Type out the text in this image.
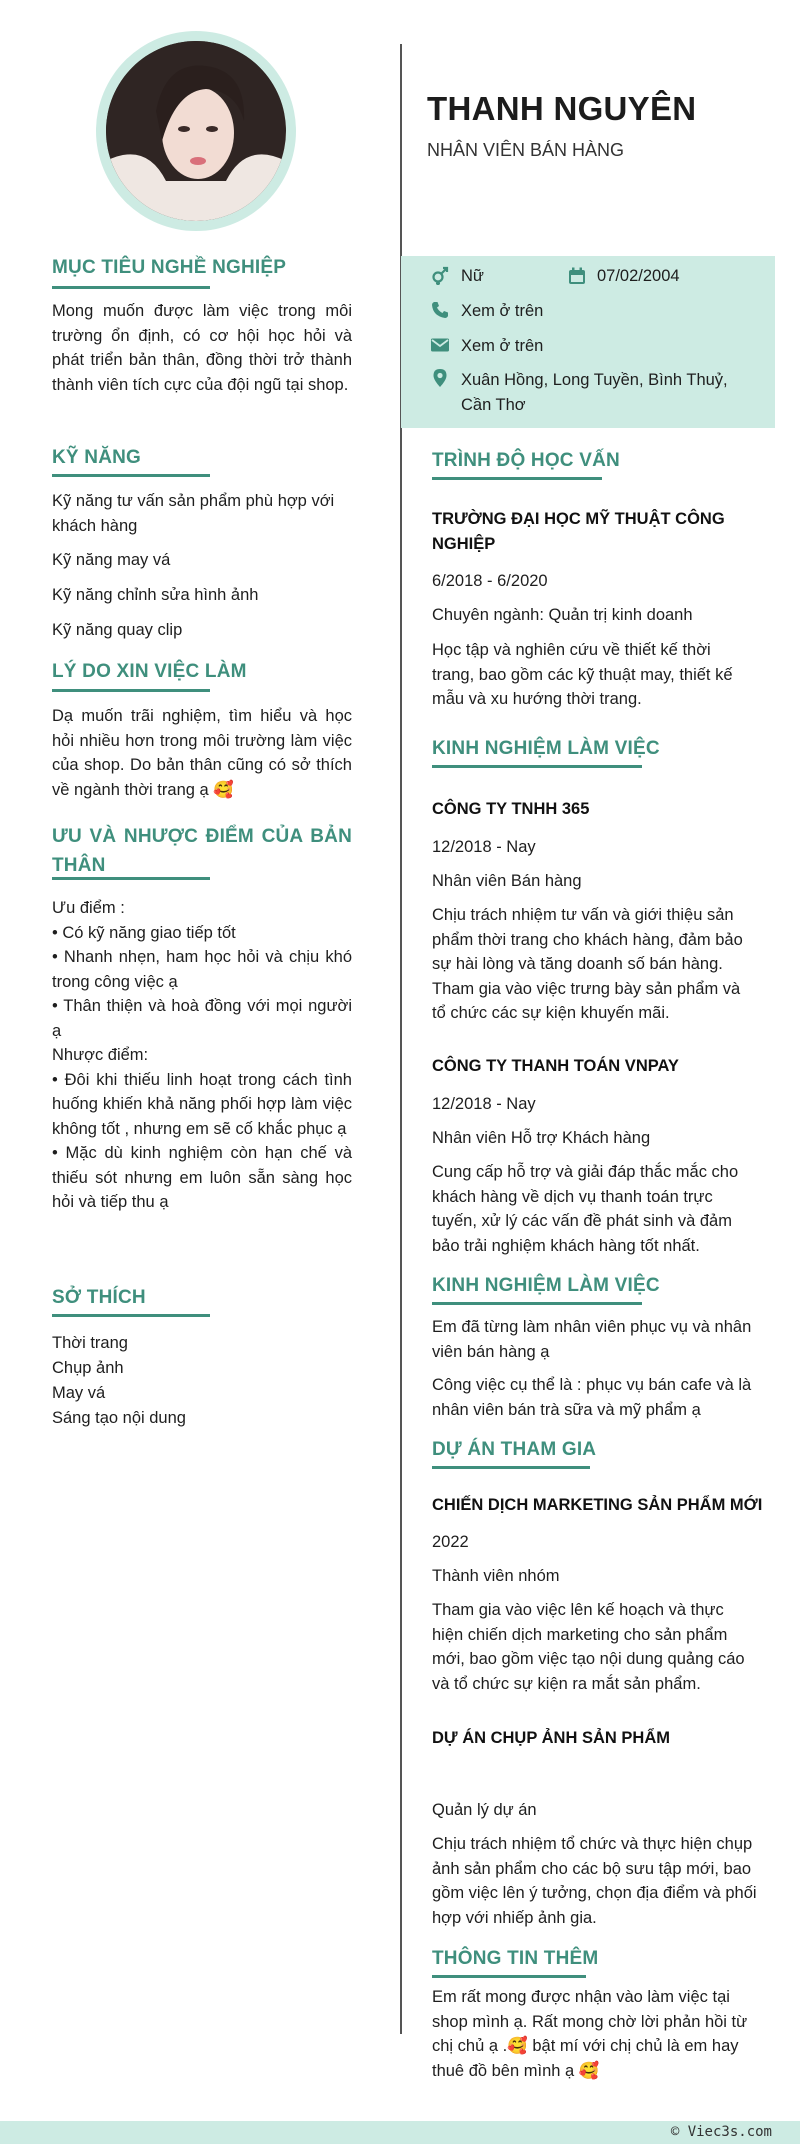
THANH NGUYÊN
NHÂN VIÊN BÁN HÀNG
Nữ	07/02/2004
Xem ở trên
Xem ở trên
Xuân Hồng, Long Tuyền, Bình Thuỷ, Cần Thơ
MỤC TIÊU NGHỀ NGHIỆP
Mong muốn được làm việc trong môi trường ổn định, có cơ hội học hỏi và phát triển bản thân, đồng thời trở thành thành viên tích cực của đội ngũ tại shop.
KỸ NĂNG
Kỹ năng tư vấn sản phẩm phù hợp với khách hàng
Kỹ năng may vá
Kỹ năng chỉnh sửa hình ảnh
Kỹ năng quay clip
LÝ DO XIN VIỆC LÀM
Dạ muốn trãi nghiệm, tìm hiểu và học hỏi nhiều hơn trong môi trường làm việc của shop. Do bản thân cũng có sở thích về ngành thời trang ạ 🥰
ƯU VÀ NHƯỢC ĐIỂM CỦA BẢN THÂN
Ưu điểm :
• Có kỹ năng giao tiếp tốt
• Nhanh nhẹn, ham học hỏi và chịu khó trong công việc ạ
• Thân thiện và hoà đồng với mọi người ạ
Nhược điểm:
• Đôi khi thiếu linh hoạt trong cách tình huống khiến khả năng phối hợp làm việc không tốt , nhưng em sẽ cố khắc phục ạ
• Mặc dù kinh nghiệm còn hạn chế và thiếu sót nhưng em luôn sẵn sàng học hỏi và tiếp thu ạ
SỞ THÍCH
Thời trang
Chụp ảnh
May vá
Sáng tạo nội dung
TRÌNH ĐỘ HỌC VẤN
TRƯỜNG ĐẠI HỌC MỸ THUẬT CÔNG NGHIỆP
6/2018 - 6/2020
Chuyên ngành: Quản trị kinh doanh
Học tập và nghiên cứu về thiết kế thời trang, bao gồm các kỹ thuật may, thiết kế mẫu và xu hướng thời trang.
KINH NGHIỆM LÀM VIỆC
CÔNG TY TNHH 365
12/2018 - Nay
Nhân viên Bán hàng
Chịu trách nhiệm tư vấn và giới thiệu sản phẩm thời trang cho khách hàng, đảm bảo sự hài lòng và tăng doanh số bán hàng. Tham gia vào việc trưng bày sản phẩm và tổ chức các sự kiện khuyến mãi.
CÔNG TY THANH TOÁN VNPAY
12/2018 - Nay
Nhân viên Hỗ trợ Khách hàng
Cung cấp hỗ trợ và giải đáp thắc mắc cho khách hàng về dịch vụ thanh toán trực tuyến, xử lý các vấn đề phát sinh và đảm bảo trải nghiệm khách hàng tốt nhất.
KINH NGHIỆM LÀM VIỆC
Em đã từng làm nhân viên phục vụ và nhân viên bán hàng ạ
Công việc cụ thể là : phục vụ bán cafe và là nhân viên bán trà sữa và mỹ phẩm ạ
DỰ ÁN THAM GIA
CHIẾN DỊCH MARKETING SẢN PHẨM MỚI
2022
Thành viên nhóm
Tham gia vào việc lên kế hoạch và thực hiện chiến dịch marketing cho sản phẩm mới, bao gồm việc tạo nội dung quảng cáo và tổ chức sự kiện ra mắt sản phẩm.
DỰ ÁN CHỤP ẢNH SẢN PHẨM
Quản lý dự án
Chịu trách nhiệm tổ chức và thực hiện chụp ảnh sản phẩm cho các bộ sưu tập mới, bao gồm việc lên ý tưởng, chọn địa điểm và phối hợp với nhiếp ảnh gia.
THÔNG TIN THÊM
Em rất mong được nhận vào làm việc tại shop mình ạ. Rất mong chờ lời phản hồi từ chị chủ ạ .🥰 bật mí với chị chủ là em hay thuê đồ bên mình ạ 🥰
© Viec3s.com
